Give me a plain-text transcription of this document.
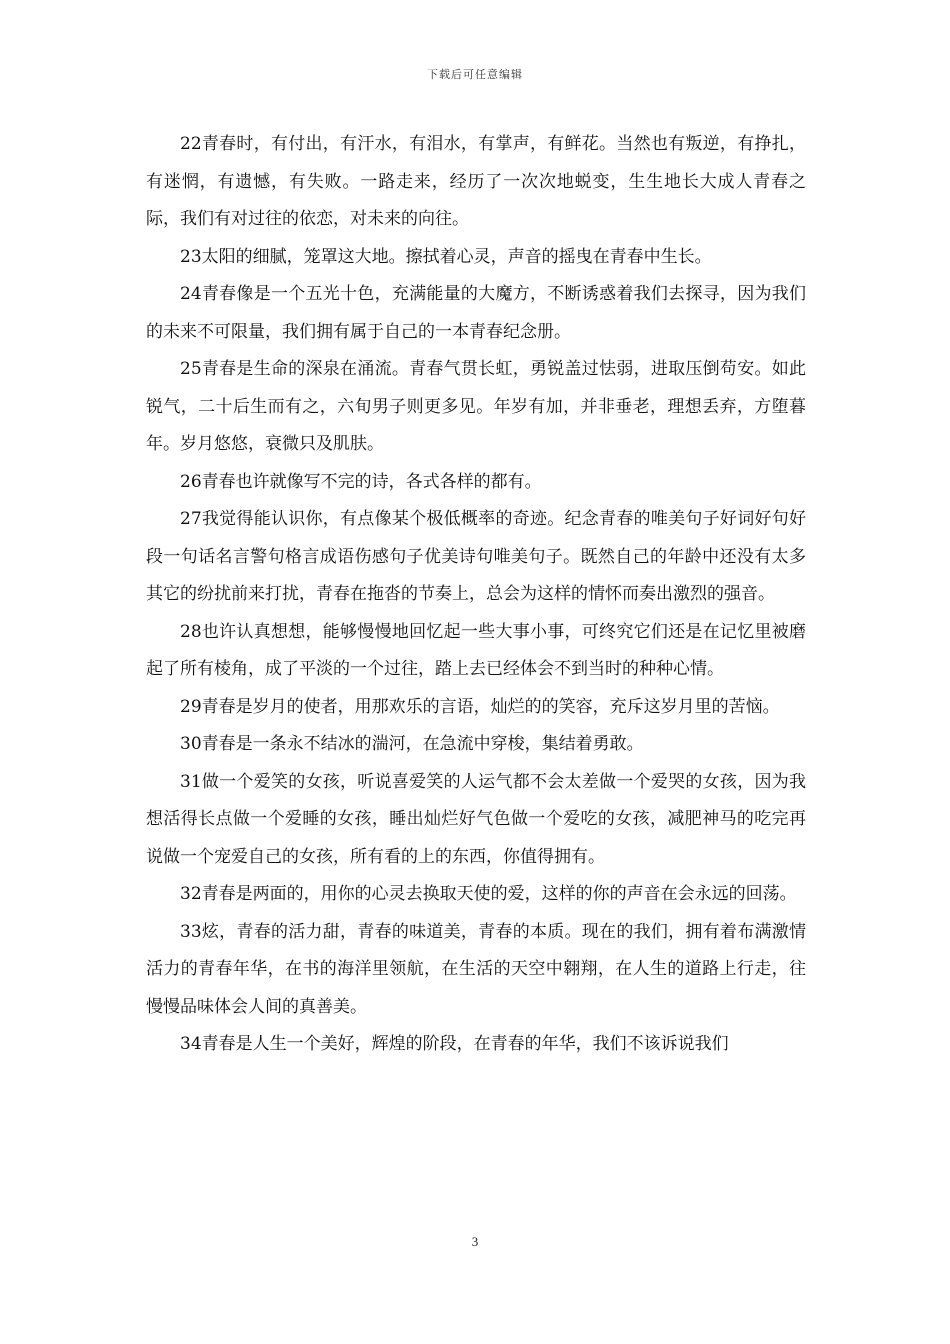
下载后可任意编辑

22青春时，有付出，有汗水，有泪水，有掌声，有鲜花。当然也有叛逆，有挣扎，有迷惘，有遗憾，有失败。一路走来，经历了一次次地蜕变，生生地长大成人青春之际，我们有对过往的依恋，对未来的向往。

23太阳的细腻，笼罩这大地。擦拭着心灵，声音的摇曳在青春中生长。

24青春像是一个五光十色，充满能量的大魔方，不断诱惑着我们去探寻，因为我们的未来不可限量，我们拥有属于自己的一本青春纪念册。

25青春是生命的深泉在涌流。青春气贯长虹，勇锐盖过怯弱，进取压倒苟安。如此锐气，二十后生而有之，六旬男子则更多见。年岁有加，并非垂老，理想丢弃，方堕暮年。岁月悠悠，衰微只及肌肤。

26青春也许就像写不完的诗，各式各样的都有。

27我觉得能认识你，有点像某个极低概率的奇迹。纪念青春的唯美句子好词好句好段一句话名言警句格言成语伤感句子优美诗句唯美句子。既然自己的年龄中还没有太多其它的纷扰前来打扰，青春在拖沓的节奏上，总会为这样的情怀而奏出激烈的强音。

28也许认真想想，能够慢慢地回忆起一些大事小事，可终究它们还是在记忆里被磨起了所有棱角，成了平淡的一个过往，踏上去已经体会不到当时的种种心情。

29青春是岁月的使者，用那欢乐的言语，灿烂的的笑容，充斥这岁月里的苦恼。

30青春是一条永不结冰的湍河，在急流中穿梭，集结着勇敢。

31做一个爱笑的女孩，听说喜爱笑的人运气都不会太差做一个爱哭的女孩，因为我想活得长点做一个爱睡的女孩，睡出灿烂好气色做一个爱吃的女孩，减肥神马的吃完再说做一个宠爱自己的女孩，所有看的上的东西，你值得拥有。

32青春是两面的，用你的心灵去换取天使的爱，这样的你的声音在会永远的回荡。

33炫，青春的活力甜，青春的味道美，青春的本质。现在的我们，拥有着布满激情活力的青春年华，在书的海洋里领航，在生活的天空中翱翔，在人生的道路上行走，往慢慢品味体会人间的真善美。

34青春是人生一个美好，辉煌的阶段，在青春的年华，我们不该诉说我们

3
